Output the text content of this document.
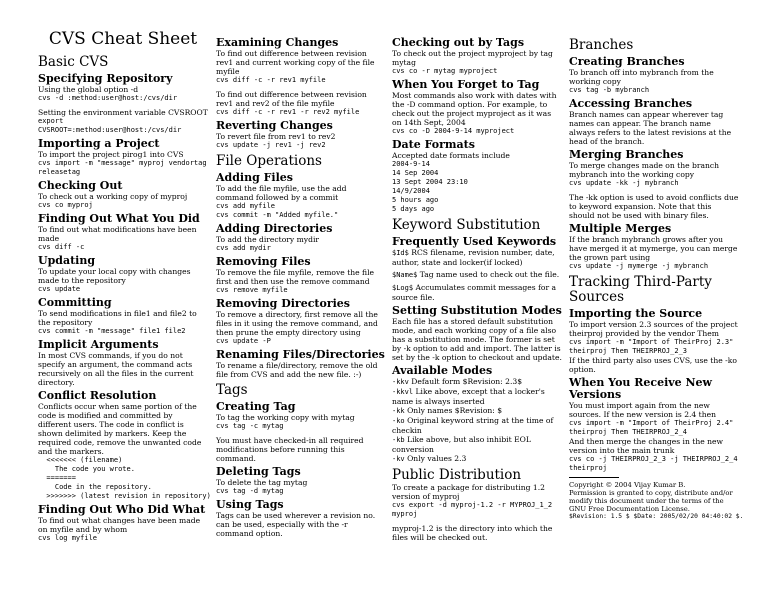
CVS Cheat Sheet
Basic CVS
Specifying Repository

Using the global option -d

cvs -d :method:user@host:/cvs/dir

Setting the environment variable CVSROOT

export
CVSROOT=:method:user@host:/cvs/dir
Importing a Project

To import the project pirog1 into CVS

cvs import -m "message" myproj vendortag
releasetag
Checking Out

To check out a working copy of myproj

cvs co myproj
Finding Out What You Did

To find out what modifications have been made

cvs diff -c
Updating

To update your local copy with changes made to the repository

cvs update
Committing

To send modifications in file1 and file2 to the repository

cvs commit -m "message" file1 file2
Implicit Arguments

In most CVS commands, if you do not specify an argument, the command acts recursively on all the files in the current directory.

Conflict Resolution

Conflicts occur when same portion of the code is modified and committed by different users. The code in conflict is shown delimited by markers. Keep the required code, remove the unwanted code and the markers.

<<<<<<< (filename)
The code you wrote.
=======
Code in the repository.
>>>>>>> (latest revision in repository)
Finding Out Who Did What

To find out what changes have been made on myfile and by whom

cvs log myfile
Examining Changes

To find out difference between revision rev1 and current working copy of the file myfile

cvs diff -c -r rev1 myfile

To find out difference between revision rev1 and rev2 of the file myfile

cvs diff -c -r rev1 -r rev2 myfile
Reverting Changes

To revert file from rev1 to rev2

cvs update -j rev1 -j rev2
File Operations
Adding Files

To add the file myfile, use the add command followed by a commit

cvs add myfile
cvs commit -m "Added myfile."
Adding Directories

To add the directory mydir

cvs add mydir
Removing Files

To remove the file myfile, remove the file first and then use the remove command

cvs remove myfile
Removing Directories

To remove a directory, first remove all the files in it using the remove command, and then prune the empty directory using

cvs update -P
Renaming Files/Directories

To rename a file/directory, remove the old file from CVS and add the new file. :-)

Tags
Creating Tag

To tag the working copy with mytag

cvs tag -c mytag

You must have checked-in all required modifications before running this command.

Deleting Tags

To delete the tag mytag

cvs tag -d mytag
Using Tags

Tags can be used wherever a revision no. can be used, especially with the -r command option.

Checking out by Tags

To check out the project myproject by tag mytag

cvs co -r mytag myproject
When You Forget to Tag

Most commands also work with dates with the -D command option. For example, to check out the project myproject as it was on 14th Sept, 2004

cvs co -D 2004-9-14 myproject
Date Formats

Accepted date formats include

2004-9-14
14 Sep 2004
13 Sept 2004 23:10
14/9/2004
5 hours ago
5 days ago
Keyword Substitution
Frequently Used Keywords

$Id$ RCS filename, revision number, date, author, state and locker(if locked)

$Name$ Tag name used to check out the file.

$Log$ Accumulates commit messages for a source file.

Setting Substitution Modes

Each file has a stored default substitution mode, and each working copy of a file also has a substitution mode. The former is set by -k option to add and import. The latter is set by the -k option to checkout and update.

Available Modes

-kkv Default form $Revision: 2.3$

-kkvl Like above, except that a locker's name is always inserted

-kk Only names $Revision: $

-ko Original keyword string at the time of checkin

-kb Like above, but also inhibit EOL conversion

-kv Only values 2.3

Public Distribution

To create a package for distributing 1.2 version of myproj

cvs export -d myproj-1.2 -r MYPROJ_1_2
myproj

myproj-1.2 is the directory into which the files will be checked out.

Branches
Creating Branches

To branch off into mybranch from the working copy

cvs tag -b mybranch
Accessing Branches

Branch names can appear wherever tag names can appear. The branch name always refers to the latest revisions at the head of the branch.

Merging Branches

To merge changes made on the branch mybranch into the working copy

cvs update -kk -j mybranch

The -kk option is used to avoid conflicts due to keyword expansion. Note that this should not be used with binary files.

Multiple Merges

If the branch mybranch grows after you have merged it at mymerge, you can merge the grown part using

cvs update -j mymerge -j mybranch
Tracking Third-Party Sources
Importing the Source

To import version 2.3 sources of the project theirproj provided by the vendor Them

cvs import -m "Import of TheirProj 2.3"
theirproj Them THEIRPROJ_2_3

If the third party also uses CVS, use the -ko option.

When You Receive New Versions

You must import again from the new sources. If the new version is 2.4 then

cvs import -m "Import of TheirProj 2.4"
theirproj Them THEIRPROJ_2_4

And then merge the changes in the new version into the main trunk

cvs co -j THEIRPROJ_2_3 -j THEIRPROJ_2_4
theirproj

Copyright © 2004 Vijay Kumar B.

Permission is granted to copy, distribute and/or modify this document under the terms of the GNU Free Documentation License.

$Revision: 1.5 $ $Date: 2005/02/20 04:40:02 $.
